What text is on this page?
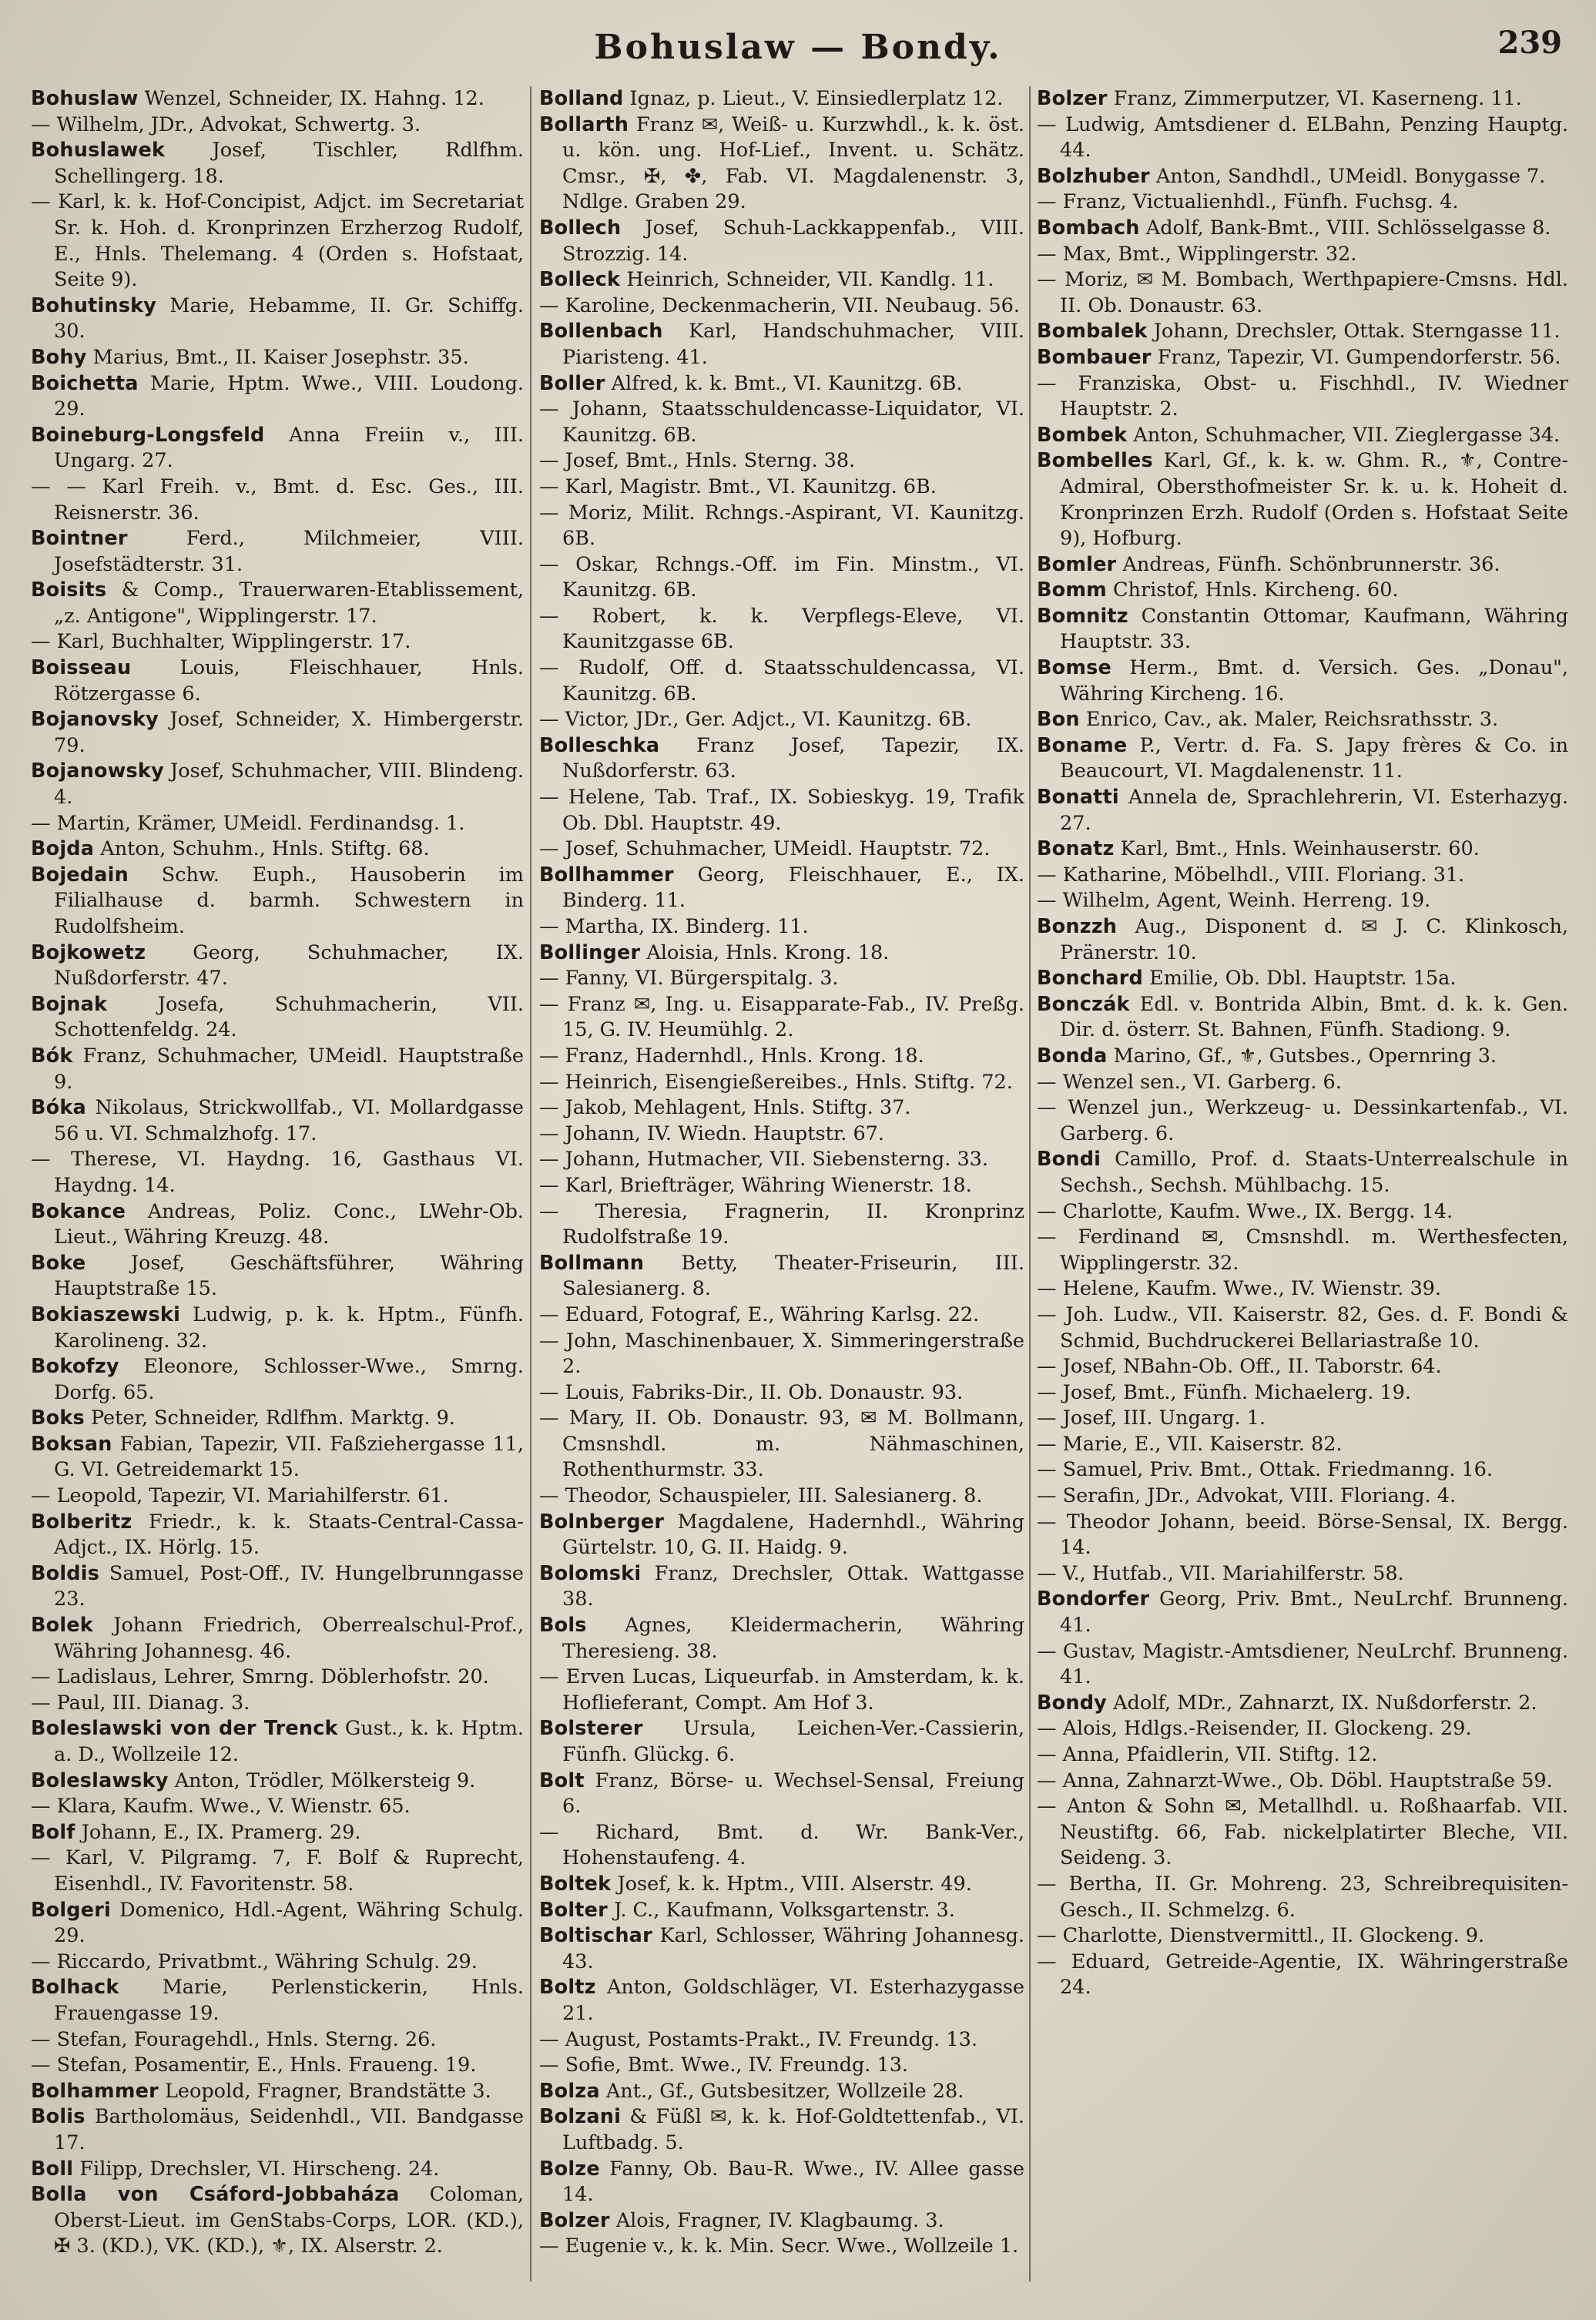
Bohuslaw — Bondy.	239

Bohuslaw Wenzel, Schneider, IX. Hahng. 12.

— Wilhelm, JDr., Advokat, Schwertg. 3.

Bohuslawek Josef, Tischler, Rdlfhm. Schellingerg. 18.

— Karl, k. k. Hof-Concipist, Adjct. im Secretariat Sr. k. Hoh. d. Kronprinzen Erzherzog Rudolf, E., Hnls. Thelemang. 4 (Orden s. Hofstaat, Seite 9).

Bohutinsky Marie, Hebamme, II. Gr. Schiffg. 30.

Bohy Marius, Bmt., II. Kaiser Josephstr. 35.

Boichetta Marie, Hptm. Wwe., VIII. Loudong. 29.

Boineburg-Longsfeld Anna Freiin v., III. Ungarg. 27.

— — Karl Freih. v., Bmt. d. Esc. Ges., III. Reisnerstr. 36.

Bointner Ferd., Milchmeier, VIII. Josefstädterstr. 31.

Boisits & Comp., Trauerwaren-Etablissement, „z. Antigone", Wipplingerstr. 17.

— Karl, Buchhalter, Wipplingerstr. 17.

Boisseau Louis, Fleischhauer, Hnls. Rötzergasse 6.

Bojanovsky Josef, Schneider, X. Himbergerstr. 79.

Bojanowsky Josef, Schuhmacher, VIII. Blindeng. 4.

— Martin, Krämer, UMeidl. Ferdinandsg. 1.

Bojda Anton, Schuhm., Hnls. Stiftg. 68.

Bojedain Schw. Euph., Hausoberin im Filialhause d. barmh. Schwestern in Rudolfsheim.

Bojkowetz Georg, Schuhmacher, IX. Nußdorferstr. 47.

Bojnak Josefa, Schuhmacherin, VII. Schottenfeldg. 24.

Bók Franz, Schuhmacher, UMeidl. Hauptstraße 9.

Bóka Nikolaus, Strickwollfab., VI. Mollardgasse 56 u. VI. Schmalzhofg. 17.

— Therese, VI. Haydng. 16, Gasthaus VI. Haydng. 14.

Bokance Andreas, Poliz. Conc., LWehr-Ob. Lieut., Währing Kreuzg. 48.

Boke Josef, Geschäftsführer, Währing Hauptstraße 15.

Bokiaszewski Ludwig, p. k. k. Hptm., Fünfh. Karolineng. 32.

Bokofzy Eleonore, Schlosser-Wwe., Smrng. Dorfg. 65.

Boks Peter, Schneider, Rdlfhm. Marktg. 9.

Boksan Fabian, Tapezir, VII. Faßziehergasse 11, G. VI. Getreidemarkt 15.

— Leopold, Tapezir, VI. Mariahilferstr. 61.

Bolberitz Friedr., k. k. Staats-Central-Cassa-Adjct., IX. Hörlg. 15.

Boldis Samuel, Post-Off., IV. Hungelbrunngasse 23.

Bolek Johann Friedrich, Oberrealschul-Prof., Währing Johannesg. 46.

— Ladislaus, Lehrer, Smrng. Döblerhofstr. 20.

— Paul, III. Dianag. 3.

Boleslawski von der Trenck Gust., k. k. Hptm. a. D., Wollzeile 12.

Boleslawsky Anton, Trödler, Mölkersteig 9.

— Klara, Kaufm. Wwe., V. Wienstr. 65.

Bolf Johann, E., IX. Pramerg. 29.

— Karl, V. Pilgramg. 7, F. Bolf & Ruprecht, Eisenhdl., IV. Favoritenstr. 58.

Bolgeri Domenico, Hdl.-Agent, Währing Schulg. 29.

— Riccardo, Privatbmt., Währing Schulg. 29.

Bolhack Marie, Perlenstickerin, Hnls. Frauengasse 19.

— Stefan, Fouragehdl., Hnls. Sterng. 26.

— Stefan, Posamentir, E., Hnls. Fraueng. 19.

Bolhammer Leopold, Fragner, Brandstätte 3.

Bolis Bartholomäus, Seidenhdl., VII. Bandgasse 17.

Boll Filipp, Drechsler, VI. Hirscheng. 24.

Bolla von Csáford-Jobbaháza Coloman, Oberst-Lieut. im GenStabs-Corps, LOR. (KD.), ✠ 3. (KD.), VK. (KD.), ⚜, IX. Alserstr. 2.

Bolland Ignaz, p. Lieut., V. Einsiedlerplatz 12.

Bollarth Franz ✉, Weiß- u. Kurzwhdl., k. k. öst. u. kön. ung. Hof-Lief., Invent. u. Schätz. Cmsr., ✠, ✤, Fab. VI. Magdalenenstr. 3, Ndlge. Graben 29.

Bollech Josef, Schuh-Lackkappenfab., VIII. Strozzig. 14.

Bolleck Heinrich, Schneider, VII. Kandlg. 11.

— Karoline, Deckenmacherin, VII. Neubaug. 56.

Bollenbach Karl, Handschuhmacher, VIII. Piaristeng. 41.

Boller Alfred, k. k. Bmt., VI. Kaunitzg. 6B.

— Johann, Staatsschuldencasse-Liquidator, VI. Kaunitzg. 6B.

— Josef, Bmt., Hnls. Sterng. 38.

— Karl, Magistr. Bmt., VI. Kaunitzg. 6B.

— Moriz, Milit. Rchngs.-Aspirant, VI. Kaunitzg. 6B.

— Oskar, Rchngs.-Off. im Fin. Minstm., VI. Kaunitzg. 6B.

— Robert, k. k. Verpflegs-Eleve, VI. Kaunitzgasse 6B.

— Rudolf, Off. d. Staatsschuldencassa, VI. Kaunitzg. 6B.

— Victor, JDr., Ger. Adjct., VI. Kaunitzg. 6B.

Bolleschka Franz Josef, Tapezir, IX. Nußdorferstr. 63.

— Helene, Tab. Traf., IX. Sobieskyg. 19, Trafik Ob. Dbl. Hauptstr. 49.

— Josef, Schuhmacher, UMeidl. Hauptstr. 72.

Bollhammer Georg, Fleischhauer, E., IX. Binderg. 11.

— Martha, IX. Binderg. 11.

Bollinger Aloisia, Hnls. Krong. 18.

— Fanny, VI. Bürgerspitalg. 3.

— Franz ✉, Ing. u. Eisapparate-Fab., IV. Preßg. 15, G. IV. Heumühlg. 2.

— Franz, Hadernhdl., Hnls. Krong. 18.

— Heinrich, Eisengießereibes., Hnls. Stiftg. 72.

— Jakob, Mehlagent, Hnls. Stiftg. 37.

— Johann, IV. Wiedn. Hauptstr. 67.

— Johann, Hutmacher, VII. Siebensterng. 33.

— Karl, Briefträger, Währing Wienerstr. 18.

— Theresia, Fragnerin, II. Kronprinz Rudolfstraße 19.

Bollmann Betty, Theater-Friseurin, III. Salesianerg. 8.

— Eduard, Fotograf, E., Währing Karlsg. 22.

— John, Maschinenbauer, X. Simmeringerstraße 2.

— Louis, Fabriks-Dir., II. Ob. Donaustr. 93.

— Mary, II. Ob. Donaustr. 93, ✉ M. Bollmann, Cmsnshdl. m. Nähmaschinen, Rothenthurmstr. 33.

— Theodor, Schauspieler, III. Salesianerg. 8.

Bolnberger Magdalene, Hadernhdl., Währing Gürtelstr. 10, G. II. Haidg. 9.

Bolomski Franz, Drechsler, Ottak. Wattgasse 38.

Bols Agnes, Kleidermacherin, Währing Theresieng. 38.

— Erven Lucas, Liqueurfab. in Amsterdam, k. k. Hoflieferant, Compt. Am Hof 3.

Bolsterer Ursula, Leichen-Ver.-Cassierin, Fünfh. Glückg. 6.

Bolt Franz, Börse- u. Wechsel-Sensal, Freiung 6.

— Richard, Bmt. d. Wr. Bank-Ver., Hohenstaufeng. 4.

Boltek Josef, k. k. Hptm., VIII. Alserstr. 49.

Bolter J. C., Kaufmann, Volksgartenstr. 3.

Boltischar Karl, Schlosser, Währing Johannesg. 43.

Boltz Anton, Goldschläger, VI. Esterhazygasse 21.

— August, Postamts-Prakt., IV. Freundg. 13.

— Sofie, Bmt. Wwe., IV. Freundg. 13.

Bolza Ant., Gf., Gutsbesitzer, Wollzeile 28.

Bolzani & Füßl ✉, k. k. Hof-Goldtettenfab., VI. Luftbadg. 5.

Bolze Fanny, Ob. Bau-R. Wwe., IV. Allee gasse 14.

Bolzer Alois, Fragner, IV. Klagbaumg. 3.

— Eugenie v., k. k. Min. Secr. Wwe., Wollzeile 1.

Bolzer Franz, Zimmerputzer, VI. Kaserneng. 11.

— Ludwig, Amtsdiener d. ELBahn, Penzing Hauptg. 44.

Bolzhuber Anton, Sandhdl., UMeidl. Bonygasse 7.

— Franz, Victualienhdl., Fünfh. Fuchsg. 4.

Bombach Adolf, Bank-Bmt., VIII. Schlösselgasse 8.

— Max, Bmt., Wipplingerstr. 32.

— Moriz, ✉ M. Bombach, Werthpapiere-Cmsns. Hdl. II. Ob. Donaustr. 63.

Bombalek Johann, Drechsler, Ottak. Sterngasse 11.

Bombauer Franz, Tapezir, VI. Gumpendorferstr. 56.

— Franziska, Obst- u. Fischhdl., IV. Wiedner Hauptstr. 2.

Bombek Anton, Schuhmacher, VII. Zieglergasse 34.

Bombelles Karl, Gf., k. k. w. Ghm. R., ⚜, Contre-Admiral, Obersthofmeister Sr. k. u. k. Hoheit d. Kronprinzen Erzh. Rudolf (Orden s. Hofstaat Seite 9), Hofburg.

Bomler Andreas, Fünfh. Schönbrunnerstr. 36.

Bomm Christof, Hnls. Kircheng. 60.

Bomnitz Constantin Ottomar, Kaufmann, Währing Hauptstr. 33.

Bomse Herm., Bmt. d. Versich. Ges. „Donau", Währing Kircheng. 16.

Bon Enrico, Cav., ak. Maler, Reichsrathsstr. 3.

Boname P., Vertr. d. Fa. S. Japy frères & Co. in Beaucourt, VI. Magdalenenstr. 11.

Bonatti Annela de, Sprachlehrerin, VI. Esterhazyg. 27.

Bonatz Karl, Bmt., Hnls. Weinhauserstr. 60.

— Katharine, Möbelhdl., VIII. Floriang. 31.

— Wilhelm, Agent, Weinh. Herreng. 19.

Bonzzh Aug., Disponent d. ✉ J. C. Klinkosch, Pränerstr. 10.

Bonchard Emilie, Ob. Dbl. Hauptstr. 15a.

Bonczák Edl. v. Bontrida Albin, Bmt. d. k. k. Gen. Dir. d. österr. St. Bahnen, Fünfh. Stadiong. 9.

Bonda Marino, Gf., ⚜, Gutsbes., Opernring 3.

— Wenzel sen., VI. Garberg. 6.

— Wenzel jun., Werkzeug- u. Dessinkartenfab., VI. Garberg. 6.

Bondi Camillo, Prof. d. Staats-Unterrealschule in Sechsh., Sechsh. Mühlbachg. 15.

— Charlotte, Kaufm. Wwe., IX. Bergg. 14.

— Ferdinand ✉, Cmsnshdl. m. Werthesfecten, Wipplingerstr. 32.

— Helene, Kaufm. Wwe., IV. Wienstr. 39.

— Joh. Ludw., VII. Kaiserstr. 82, Ges. d. F. Bondi & Schmid, Buchdruckerei Bellariastraße 10.

— Josef, NBahn-Ob. Off., II. Taborstr. 64.

— Josef, Bmt., Fünfh. Michaelerg. 19.

— Josef, III. Ungarg. 1.

— Marie, E., VII. Kaiserstr. 82.

— Samuel, Priv. Bmt., Ottak. Friedmanng. 16.

— Serafin, JDr., Advokat, VIII. Floriang. 4.

— Theodor Johann, beeid. Börse-Sensal, IX. Bergg. 14.

— V., Hutfab., VII. Mariahilferstr. 58.

Bondorfer Georg, Priv. Bmt., NeuLrchf. Brunneng. 41.

— Gustav, Magistr.-Amtsdiener, NeuLrchf. Brunneng. 41.

Bondy Adolf, MDr., Zahnarzt, IX. Nußdorferstr. 2.

— Alois, Hdlgs.-Reisender, II. Glockeng. 29.

— Anna, Pfaidlerin, VII. Stiftg. 12.

— Anna, Zahnarzt-Wwe., Ob. Döbl. Hauptstraße 59.

— Anton & Sohn ✉, Metallhdl. u. Roßhaarfab. VII. Neustiftg. 66, Fab. nickelplatirter Bleche, VII. Seideng. 3.

— Bertha, II. Gr. Mohreng. 23, Schreibrequisiten-Gesch., II. Schmelzg. 6.

— Charlotte, Dienstvermittl., II. Glockeng. 9.

— Eduard, Getreide-Agentie, IX. Währingerstraße 24.
